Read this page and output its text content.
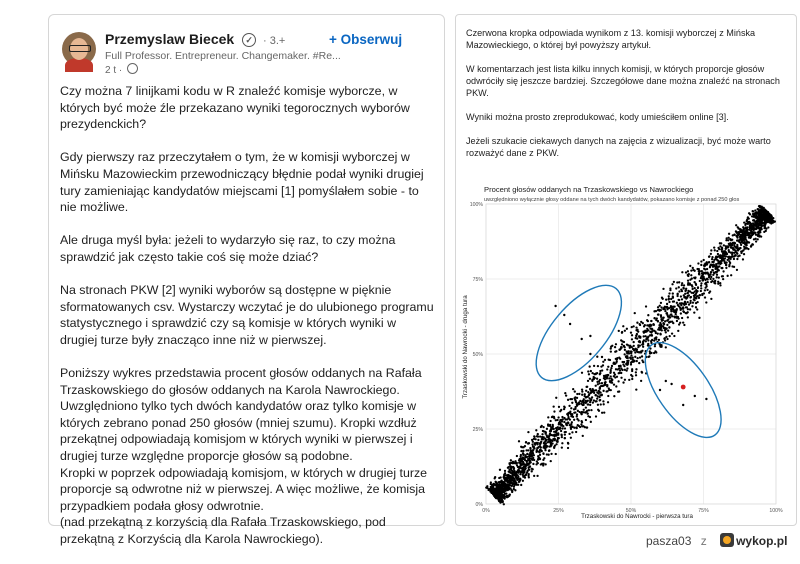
Przemyslaw Biecek ✓ · 3.+
Full Professor. Entrepreneur. Changemaker. #Re...
2 t ·
+ Obserwuj

Czy można 7 linijkami kodu w R znaleźć komisje wyborcze, w których być może źle przekazano wyniki tegorocznych wyborów prezydenckich?

Gdy pierwszy raz przeczytałem o tym, że w komisji wyborczej w Mińsku Mazowieckim przewodniczący błędnie podał wyniki drugiej tury zamieniając kandydatów miejscami [1] pomyślałem sobie - to nie możliwe.

Ale druga myśl była: jeżeli to wydarzyło się raz, to czy można sprawdzić jak często takie coś się może dziać?

Na stronach PKW [2] wyniki wyborów są dostępne w pięknie sformatowanych csv. Wystarczy wczytać je do ulubionego programu statystycznego i sprawdzić czy są komisje w których wyniki w drugiej turze były znacząco inne niż w pierwszej.

Poniższy wykres przedstawia procent głosów oddanych na Rafała Trzaskowskiego do głosów oddanych na Karola Nawrockiego. Uwzględniono tylko tych dwóch kandydatów oraz tylko komisje w których zebrano ponad 250 głosów (mniej szumu). Kropki wzdłuż przekątnej odpowiadają komisjom w których wyniki w pierwszej i drugiej turze względne proporcje głosów są podobne.
Kropki w poprzek odpowiadają komisjom, w których w drugiej turze proporcje są odwrotne niż w pierwszej. A więc możliwe, że komisja przypadkiem podała głosy odwrotnie.
(nad przekątną z korzyścią dla Rafała Trzaskowskiego, pod przekątną z Korzyścią dla Karola Nawrockiego).

Czerwona kropka odpowiada wynikom z 13. komisji wyborczej z Mińska Mazowieckiego, o której był powyższy artykuł.

W komentarzach jest lista kilku innych komisji, w których proporcje głosów odwróciły się jeszcze bardziej. Szczegółowe dane można znaleźć na stronach PKW.

Wyniki można prosto zreprodukować, kody umieściłem online [3].

Jeżeli szukacie ciekawych danych na zajęcia z wizualizacji, być może warto rozważyć dane z PKW.

Procent głosów oddanych na Trzaskowskiego vs Nawrockiego
uwzględniono wyłącznie głosy oddane na tych dwóch kandydatów, pokazano komisje z ponad 250 głos
Trzaskowski do Nawrocki - pierwsza tura
Trzaskowski do Nawrocki - druga tura
0%
0%
25%
25%
50%
50%
75%
75%
100%
100%
pasza03 z wykop.pl
